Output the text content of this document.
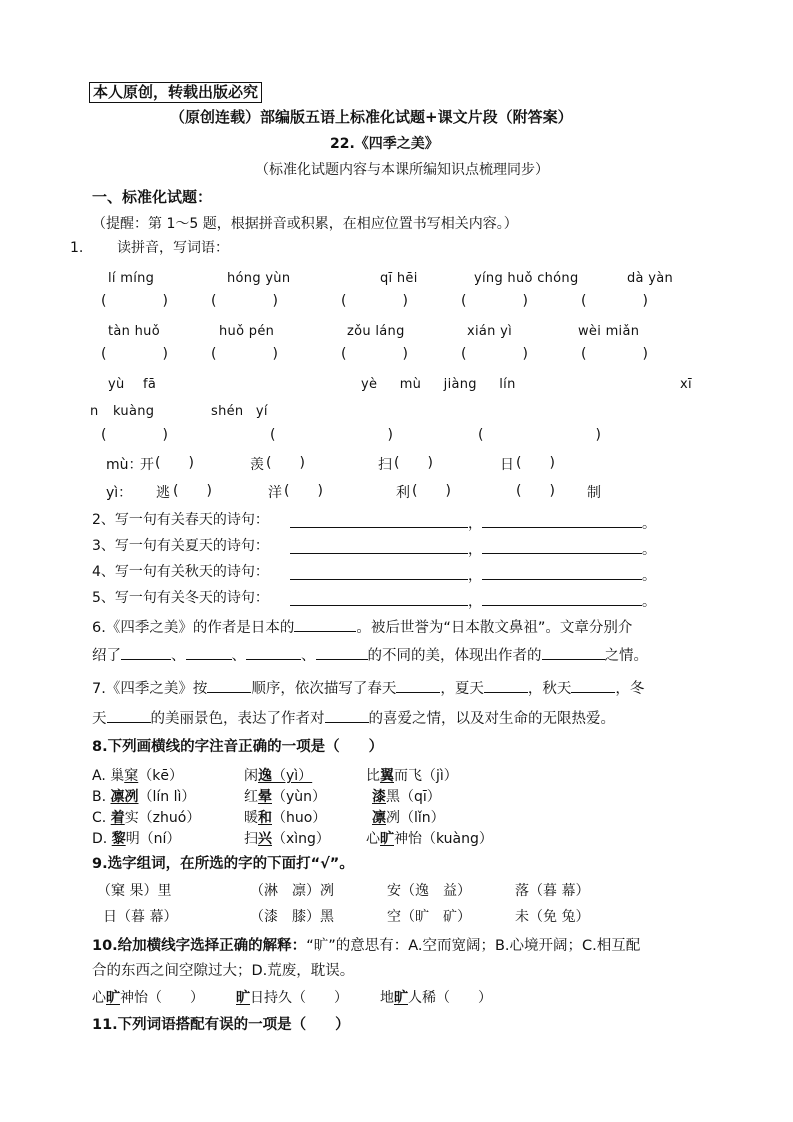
本人原创，转载出版必究
（原创连载）部编版五语上标准化试题+课文片段（附答案）
22.《四季之美》
（标准化试题内容与本课所编知识点梳理同步）
一、标准化试题：
（提醒：第 1～5 题，根据拼音或积累，在相应位置书写相关内容。）
1. 读拼音，写词语：
lí míng	hóng yùn	qī hēi	yíng huǒ chóng	dà yàn
(　　　　)	(　　　　)	(　　　　)	(　　　　)	(　　　　)
tàn huǒ	huǒ pén	zǒu láng	xián yì	wèi miǎn
(　　　　)	(　　　　)	(　　　　)	(　　　　)	(　　　　)
yù fā	yè mù jiàng lín	xī
n kuàng	shén yí
(　　　　)	(　　　　　　　　)	(　　　　　　　　)
mù：
开 (　　)	羡 (　　)	扫 (　　)	日 (　　)
yì： 逃 (　　)	洋 (　　)	利 (　　)	(　　) 制
2、写一句有关春天的诗句：	，	。
3、写一句有关夏天的诗句：	，	。
4、写一句有关秋天的诗句：	，	。
5、写一句有关冬天的诗句：	，	。
6.《四季之美》的作者是日本的	。被后世誉为“日本散文鼻祖”。文章分别介
绍了	、	、	、	的不同的美，体现出作者的	之情。
7.《四季之美》按	顺序，依次描写了春天	，夏天	，秋天	，冬
天	的美丽景色，表达了作者对	的喜爱之情，以及对生命的无限热爱。
8.下列画横线的字注音正确的一项是（　　）
A. 巢窠（kē）	闲逸（yì）	比翼而飞（jì）
B. 凛冽（lín lì）	红晕（yùn）	漆黑（qī）
C. 着实（zhuó）	暖和（huo）	凛冽（lǐn）
D. 黎明（ní）	扫兴（xìng）	心旷神怡（kuàng）
9.选字组词，在所选的字的下面打“√”。
（窠 果）里	（淋　凛）冽	安（逸　益）	落（暮 幕）
日（暮 幕）	（漆　膝）黑	空（旷　矿）	未（免 兔）
10.给加横线字选择正确的解释：“旷”的意思有：A.空而宽阔；B.心境开阔；C.相互配
合的东西之间空隙过大；D.荒废，耽误。
心旷神怡（　　） 旷日持久（　　） 地旷人稀（　　）
11.下列词语搭配有误的一项是（　　）
